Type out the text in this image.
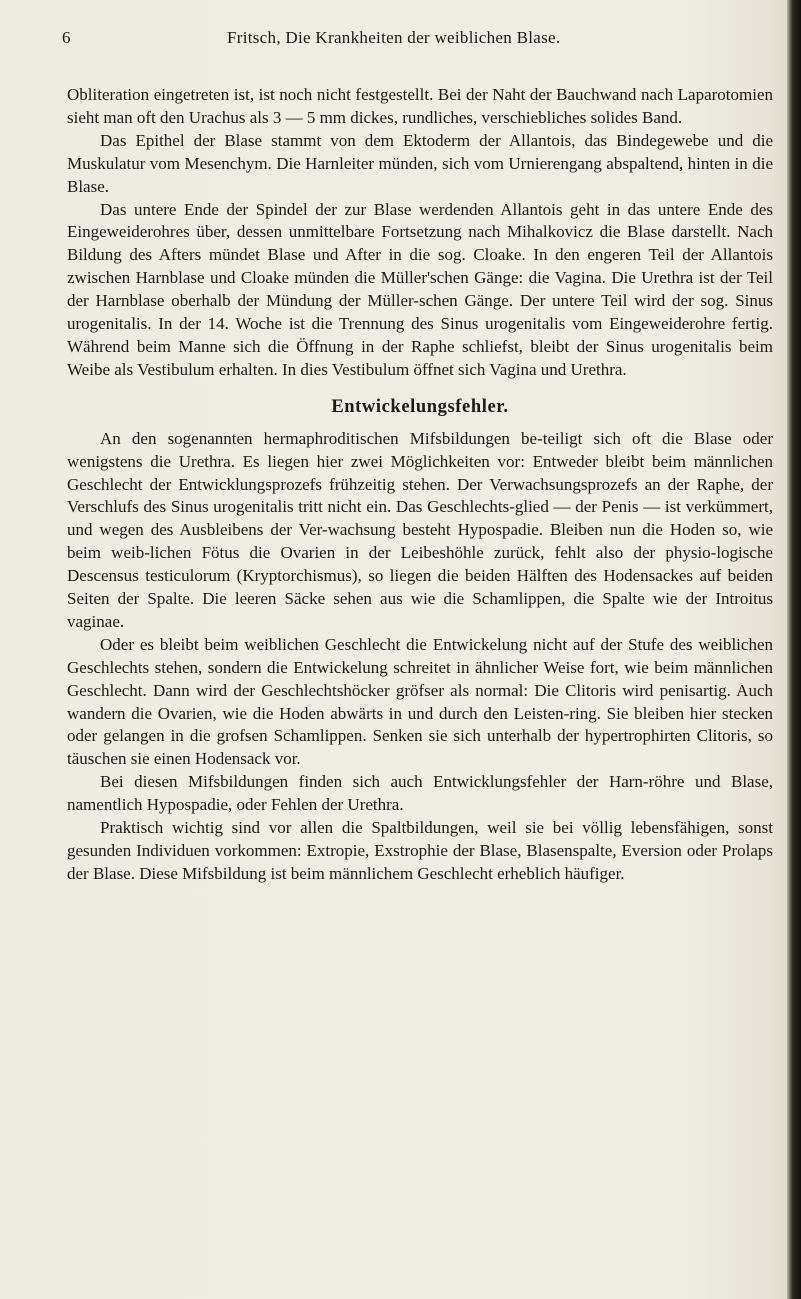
6	Fritsch, Die Krankheiten der weiblichen Blase.

Obliteration eingetreten ist, ist noch nicht festgestellt. Bei der Naht der Bauchwand nach Laparotomien sieht man oft den Urachus als 3 — 5 mm dickes, rundliches, verschiebliches solides Band.

Das Epithel der Blase stammt von dem Ektoderm der Allantois, das Bindegewebe und die Muskulatur vom Mesenchym. Die Harnleiter münden, sich vom Urnierengang abspaltend, hinten in die Blase.

Das untere Ende der Spindel der zur Blase werdenden Allantois geht in das untere Ende des Eingeweiderohres über, dessen unmittelbare Fortsetzung nach Mihalkovicz die Blase darstellt. Nach Bildung des Afters mündet Blase und After in die sog. Cloake. In den engeren Teil der Allantois zwischen Harnblase und Cloake münden die Müller'schen Gänge: die Vagina. Die Urethra ist der Teil der Harnblase oberhalb der Mündung der Müller-schen Gänge. Der untere Teil wird der sog. Sinus urogenitalis. In der 14. Woche ist die Trennung des Sinus urogenitalis vom Eingeweiderohre fertig. Während beim Manne sich die Öffnung in der Raphe schliefst, bleibt der Sinus urogenitalis beim Weibe als Vestibulum erhalten. In dies Vestibulum öffnet sich Vagina und Urethra.

Entwickelungsfehler.

An den sogenannten hermaphroditischen Mifsbildungen be-teiligt sich oft die Blase oder wenigstens die Urethra. Es liegen hier zwei Möglichkeiten vor: Entweder bleibt beim männlichen Geschlecht der Entwicklungsprozefs frühzeitig stehen. Der Verwachsungsprozefs an der Raphe, der Verschlufs des Sinus urogenitalis tritt nicht ein. Das Geschlechts-glied — der Penis — ist verkümmert, und wegen des Ausbleibens der Ver-wachsung besteht Hypospadie. Bleiben nun die Hoden so, wie beim weib-lichen Fötus die Ovarien in der Leibeshöhle zurück, fehlt also der physio-logische Descensus testiculorum (Kryptorchismus), so liegen die beiden Hälften des Hodensackes auf beiden Seiten der Spalte. Die leeren Säcke sehen aus wie die Schamlippen, die Spalte wie der Introitus vaginae.

Oder es bleibt beim weiblichen Geschlecht die Entwickelung nicht auf der Stufe des weiblichen Geschlechts stehen, sondern die Entwickelung schreitet in ähnlicher Weise fort, wie beim männlichen Geschlecht. Dann wird der Geschlechtshöcker gröfser als normal: Die Clitoris wird penisartig. Auch wandern die Ovarien, wie die Hoden abwärts in und durch den Leisten-ring. Sie bleiben hier stecken oder gelangen in die grofsen Schamlippen. Senken sie sich unterhalb der hypertrophirten Clitoris, so täuschen sie einen Hodensack vor.

Bei diesen Mifsbildungen finden sich auch Entwicklungsfehler der Harn-röhre und Blase, namentlich Hypospadie, oder Fehlen der Urethra.

Praktisch wichtig sind vor allen die Spaltbildungen, weil sie bei völlig lebensfähigen, sonst gesunden Individuen vorkommen: Extropie, Exstrophie der Blase, Blasenspalte, Eversion oder Prolaps der Blase. Diese Mifsbildung ist beim männlichem Geschlecht erheblich häufiger.
